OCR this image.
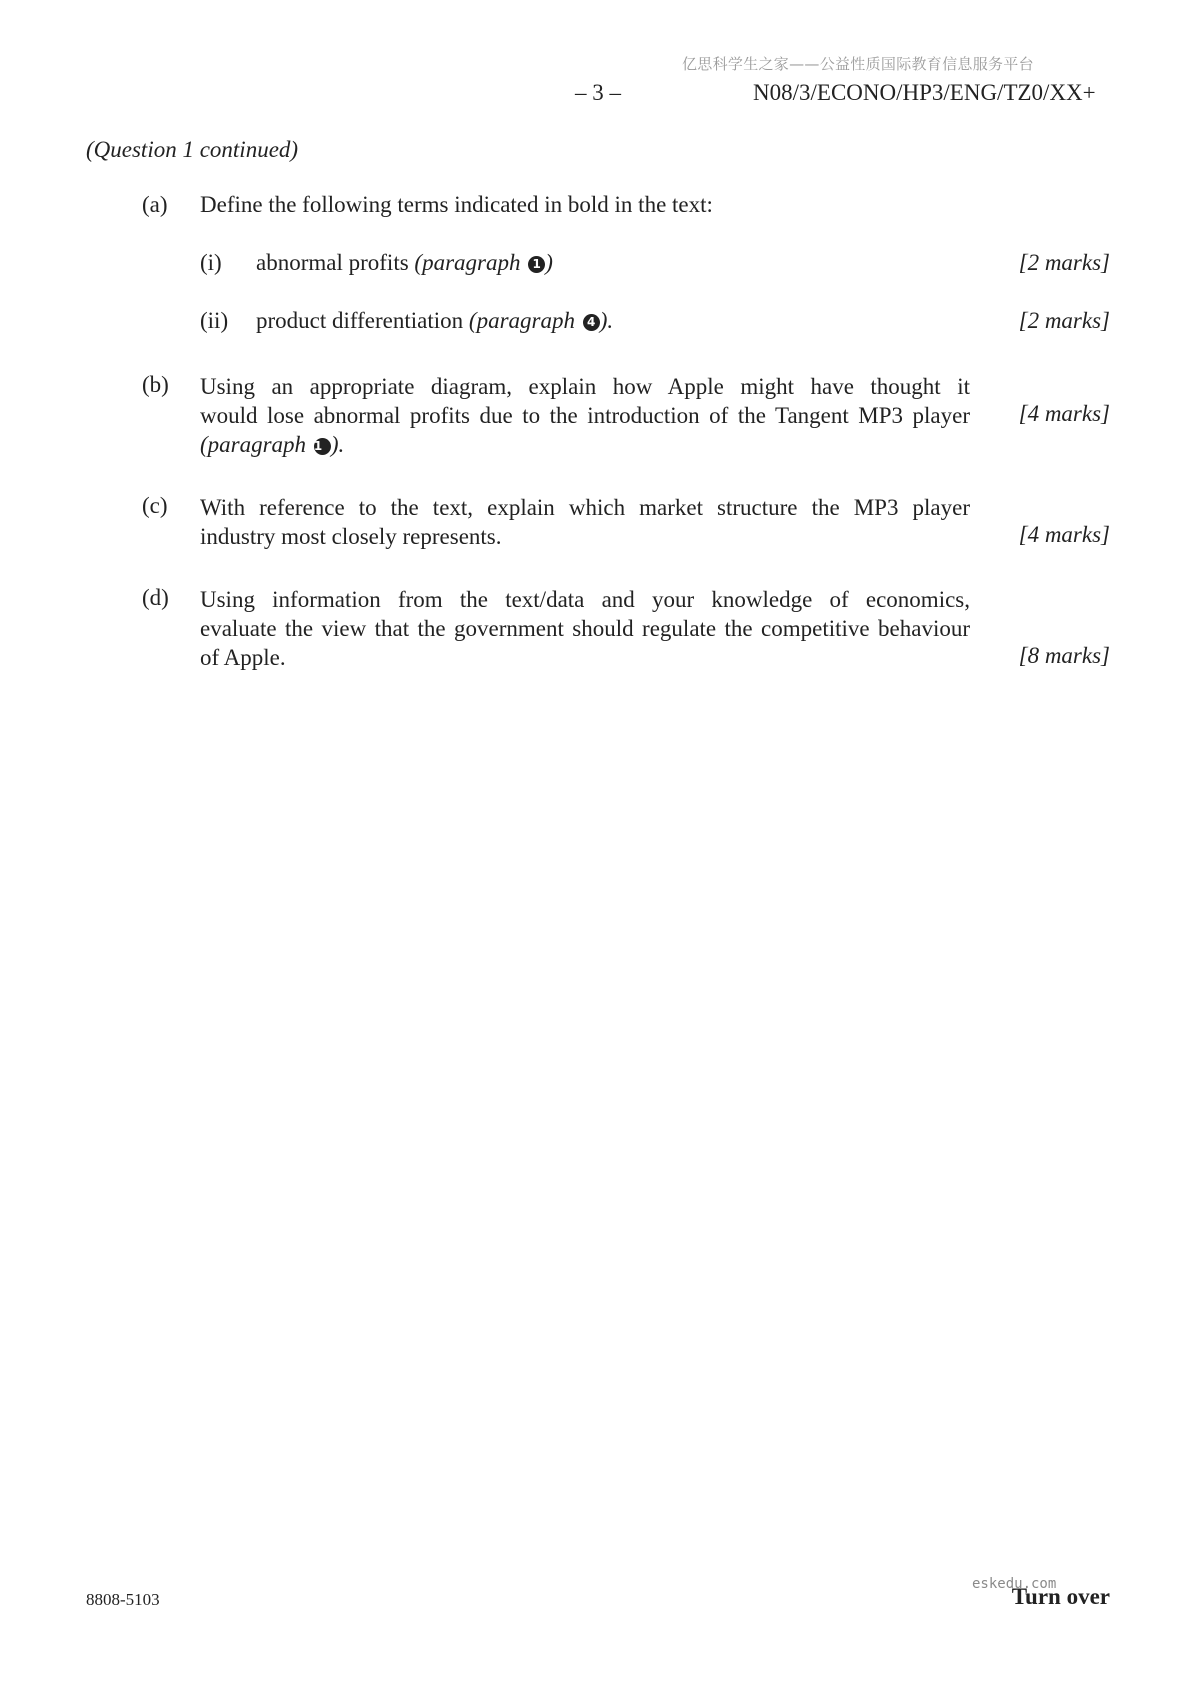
亿思科学生之家——公益性质国际教育信息服务平台
– 3 –	N08/3/ECONO/HP3/ENG/TZ0/XX+
(Question 1 continued)
(a) Define the following terms indicated in bold in the text:
(i) abnormal profits (paragraph 1 )	[2 marks]
(ii) product differentiation (paragraph 4 ).	[2 marks]
(b) Using an appropriate diagram, explain how Apple might have thought it
would lose abnormal profits due to the introduction of the Tangent MP3 player
(paragraph 1 ).
[4 marks]
(c) With reference to the text, explain which market structure the MP3 player
industry most closely represents.	[4 marks]
(d) Using information from the text/data and your knowledge of economics,
evaluate the view that the government should regulate the competitive behaviour
of Apple.	[8 marks]
8808-5103	Turn over
eskedu.com
